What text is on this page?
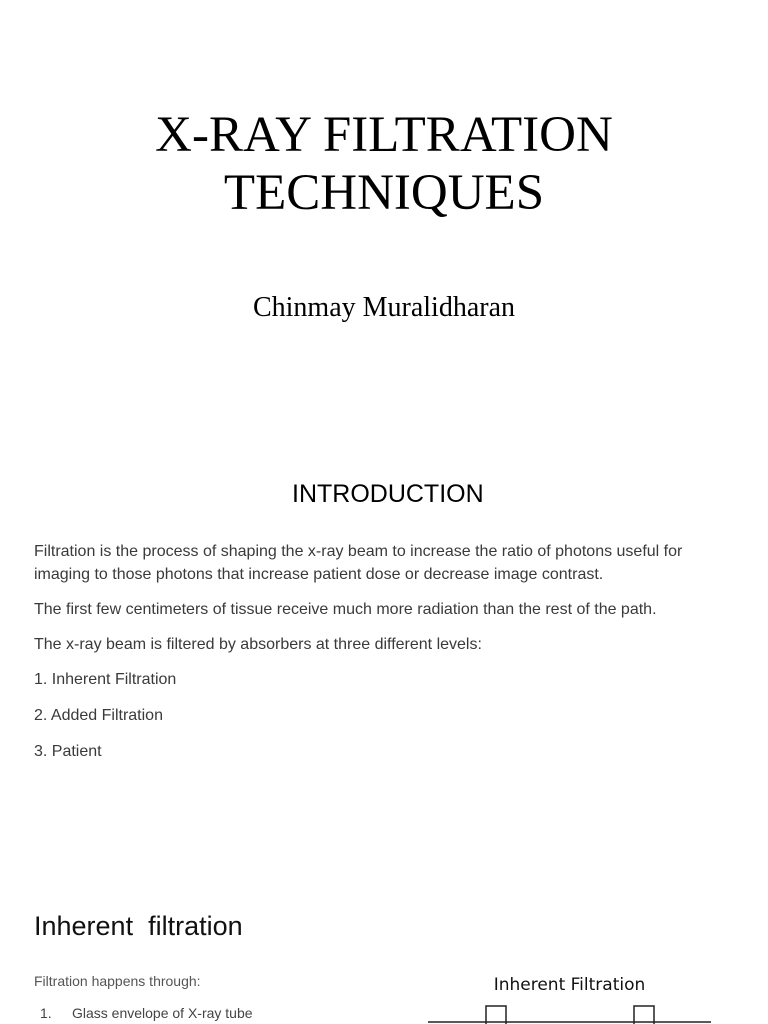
X-RAY FILTRATION
TECHNIQUES

Chinmay Muralidharan

INTRODUCTION

Filtration is the process of shaping the x-ray beam to increase the ratio of photons useful for imaging to those photons that increase patient dose or decrease image contrast.

The first few centimeters of tissue receive much more radiation than the rest of the path.

The x-ray beam is filtered by absorbers at three different levels:

1. Inherent Filtration
2. Added Filtration
3. Patient
Inherent  filtration
Filtration happens through:
1. Glass envelope of X-ray tube
Inherent Filtration
